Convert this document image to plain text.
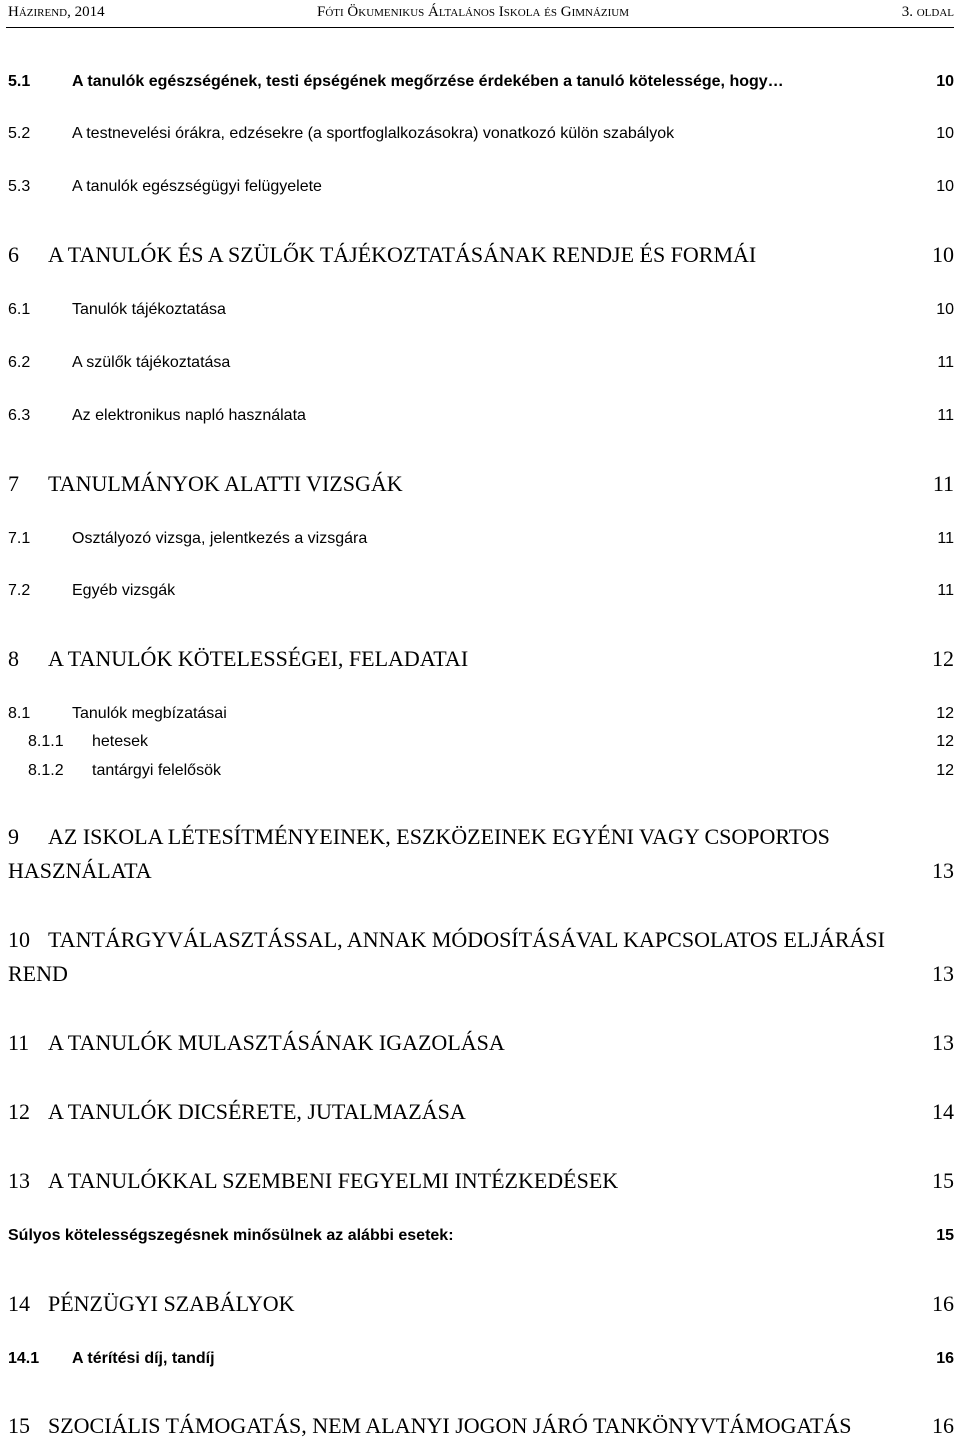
Házirend, 2014	Fóti Ökumenikus Általános Iskola és Gimnázium	3. oldal
5.1	A tanulók egészségének, testi épségének megőrzése érdekében a tanuló kötelessége, hogy…	10
5.2	A testnevelési órákra, edzésekre (a sportfoglalkozásokra) vonatkozó külön szabályok	10
5.3	A tanulók egészségügyi felügyelete	10
6	A TANULÓK ÉS A SZÜLŐK TÁJÉKOZTATÁSÁNAK RENDJE ÉS FORMÁI	10
6.1	Tanulók tájékoztatása	10
6.2	A szülők tájékoztatása	11
6.3	Az elektronikus napló használata	11
7	TANULMÁNYOK ALATTI VIZSGÁK	11
7.1	Osztályozó vizsga, jelentkezés a vizsgára	11
7.2	Egyéb vizsgák	11
8	A TANULÓK KÖTELESSÉGEI, FELADATAI	12
8.1	Tanulók megbízatásai	12
8.1.1	hetesek	12
8.1.2	tantárgyi felelősök	12
9	AZ ISKOLA LÉTESÍTMÉNYEINEK, ESZKÖZEINEK EGYÉNI VAGY CSOPORTOS
HASZNÁLATA	13
10 TANTÁRGYVÁLASZTÁSSAL, ANNAK MÓDOSÍTÁSÁVAL KAPCSOLATOS ELJÁRÁSI
REND	13
11 A TANULÓK MULASZTÁSÁNAK IGAZOLÁSA	13
12 A TANULÓK DICSÉRETE, JUTALMAZÁSA	14
13 A TANULÓKKAL SZEMBENI FEGYELMI INTÉZKEDÉSEK	15
Súlyos kötelességszegésnek minősülnek az alábbi esetek:	15
14 PÉNZÜGYI SZABÁLYOK	16
14.1	A térítési díj, tandíj	16
15 SZOCIÁLIS TÁMOGATÁS, NEM ALANYI JOGON JÁRÓ TANKÖNYVTÁMOGATÁS	16
